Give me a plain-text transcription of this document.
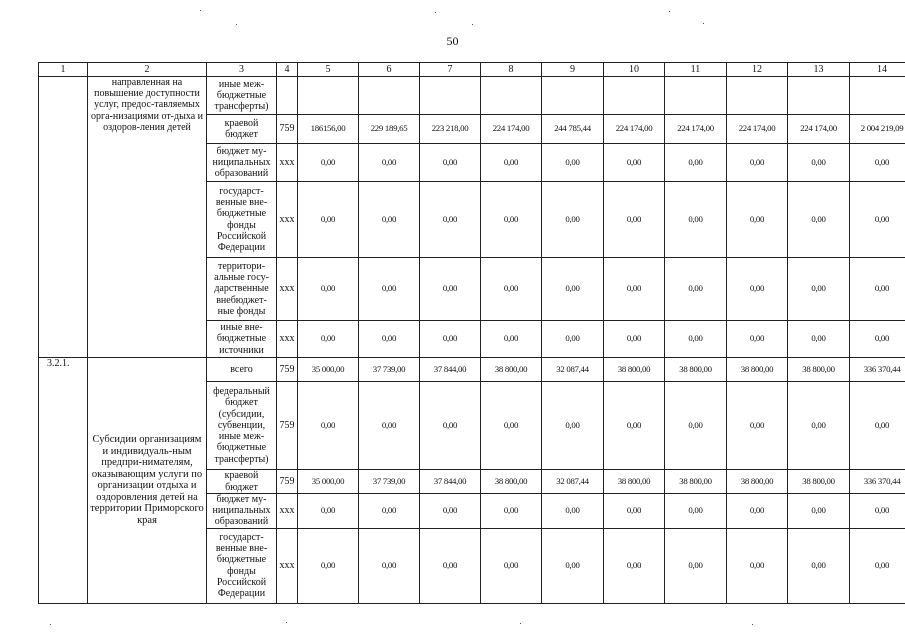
50
1	2	3	4	5	6	7	8	9	10	11	12	13	14
	направленная на повышение доступности услуг, предос-тавляемых орга-низациями от-дыха и оздоров-ления детей	иные меж-бюджетные трансферты)											
		краевой бюджет	759	186156,00	229 189,65	223 218,00	224 174,00	244 785,44	224 174,00	224 174,00	224 174,00	224 174,00	2 004 219,09
		бюджет му-ниципальных образований	xxx	0,00	0,00	0,00	0,00	0,00	0,00	0,00	0,00	0,00	0,00
		государст-венные вне-бюджетные фонды Российской Федерации	xxx	0,00	0,00	0,00	0,00	0,00	0,00	0,00	0,00	0,00	0,00
		территори-альные госу-дарственные внебюджет-ные фонды	xxx	0,00	0,00	0,00	0,00	0,00	0,00	0,00	0,00	0,00	0,00
		иные вне-бюджетные источники	xxx	0,00	0,00	0,00	0,00	0,00	0,00	0,00	0,00	0,00	0,00
3.2.1.	Субсидии организациям и индивидуаль-ным предпри-нимателям, оказывающим услуги по организации отдыха и оздоровления детей на территории Приморского края	всего	759	35 000,00	37 739,00	37 844,00	38 800,00	32 087,44	38 800,00	38 800,00	38 800,00	38 800,00	336 370,44
		федеральный бюджет (субсидии, субвенции, иные меж-бюджетные трансферты)	759	0,00	0,00	0,00	0,00	0,00	0,00	0,00	0,00	0,00	0,00
		краевой бюджет	759	35 000,00	37 739,00	37 844,00	38 800,00	32 087,44	38 800,00	38 800,00	38 800,00	38 800,00	336 370,44
		бюджет му-ниципальных образований	xxx	0,00	0,00	0,00	0,00	0,00	0,00	0,00	0,00	0,00	0,00
		государст-венные вне-бюджетные фонды Российской Федерации	xxx	0,00	0,00	0,00	0,00	0,00	0,00	0,00	0,00	0,00	0,00
